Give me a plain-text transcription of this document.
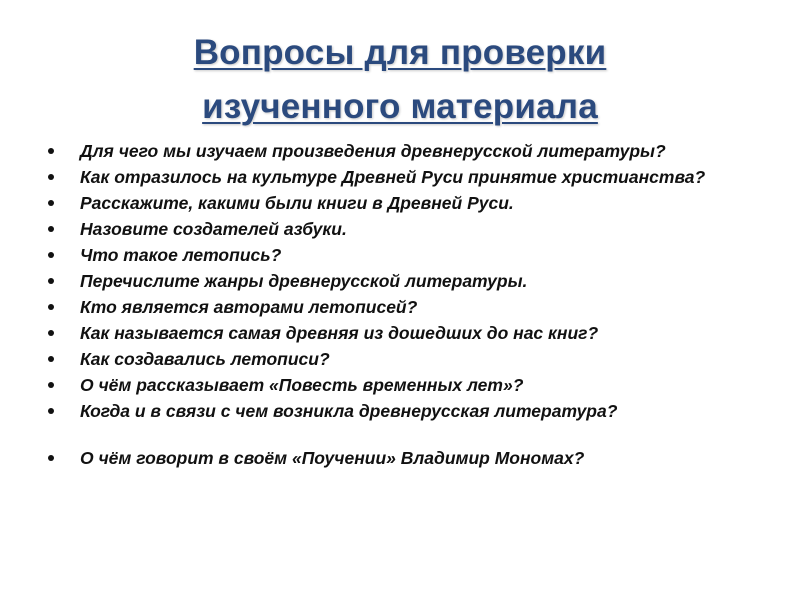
Вопросы для проверки
изученного материала
Для чего мы изучаем произведения древнерусской литературы?
Как отразилось на культуре Древней Руси принятие христианства?
Расскажите, какими были книги в Древней Руси.
Назовите создателей азбуки.
Что такое летопись?
Перечислите жанры древнерусской литературы.
Кто является авторами летописей?
Как называется самая древняя из дошедших до нас книг?
Как создавались летописи?
О чём рассказывает «Повесть временных лет»?
Когда и в связи с чем возникла древнерусская литература?
О чём говорит в своём «Поучении» Владимир Мономах?
